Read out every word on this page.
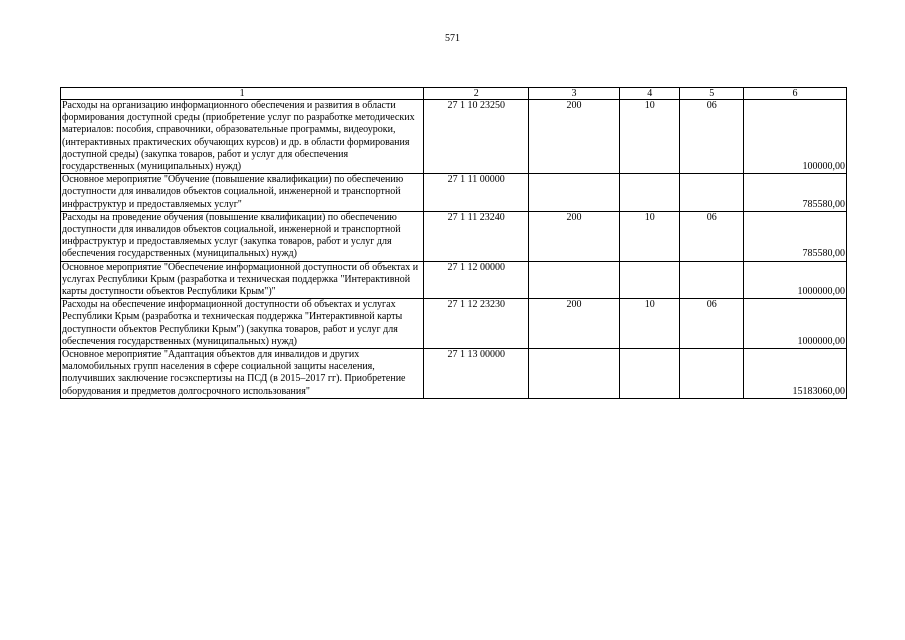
571
1	2	3	4	5	6
Расходы на организацию информационного обеспечения и развития в области формирования доступной среды (приобретение услуг по разработке методических материалов: пособия, справочники, образовательные программы, видеоуроки, (интерактивных практических обучающих курсов) и др. в области формирования доступной среды) (закупка товаров, работ и услуг для обеспечения государственных (муниципальных) нужд)	27 1 10 23250	200	10	06	100000,00
Основное мероприятие "Обучение (повышение квалификации) по обеспечению доступности для инвалидов объектов социальной, инженерной и транспортной инфраструктур и предоставляемых услуг"	27 1 11 00000				785580,00
Расходы на проведение обучения (повышение квалификации) по обеспечению доступности для инвалидов объектов социальной, инженерной и транспортной инфраструктур и предоставляемых услуг (закупка товаров, работ и услуг для обеспечения государственных (муниципальных) нужд)	27 1 11 23240	200	10	06	785580,00
Основное мероприятие "Обеспечение информационной доступности об объектах и услугах Республики Крым (разработка и техническая поддержка "Интерактивной карты доступности объектов Республики Крым")"	27 1 12 00000				1000000,00
Расходы на обеспечение информационной доступности об объектах и услугах Республики Крым (разработка и техническая поддержка "Интерактивной карты доступности объектов Республики Крым") (закупка товаров, работ и услуг для обеспечения государственных (муниципальных) нужд)	27 1 12 23230	200	10	06	1000000,00
Основное мероприятие "Адаптация объектов для инвалидов и других маломобильных групп населения в сфере социальной защиты населения, получивших заключение госэкспертизы на ПСД (в 2015–2017 гг). Приобретение оборудования и предметов долгосрочного использования"	27 1 13 00000				15183060,00
